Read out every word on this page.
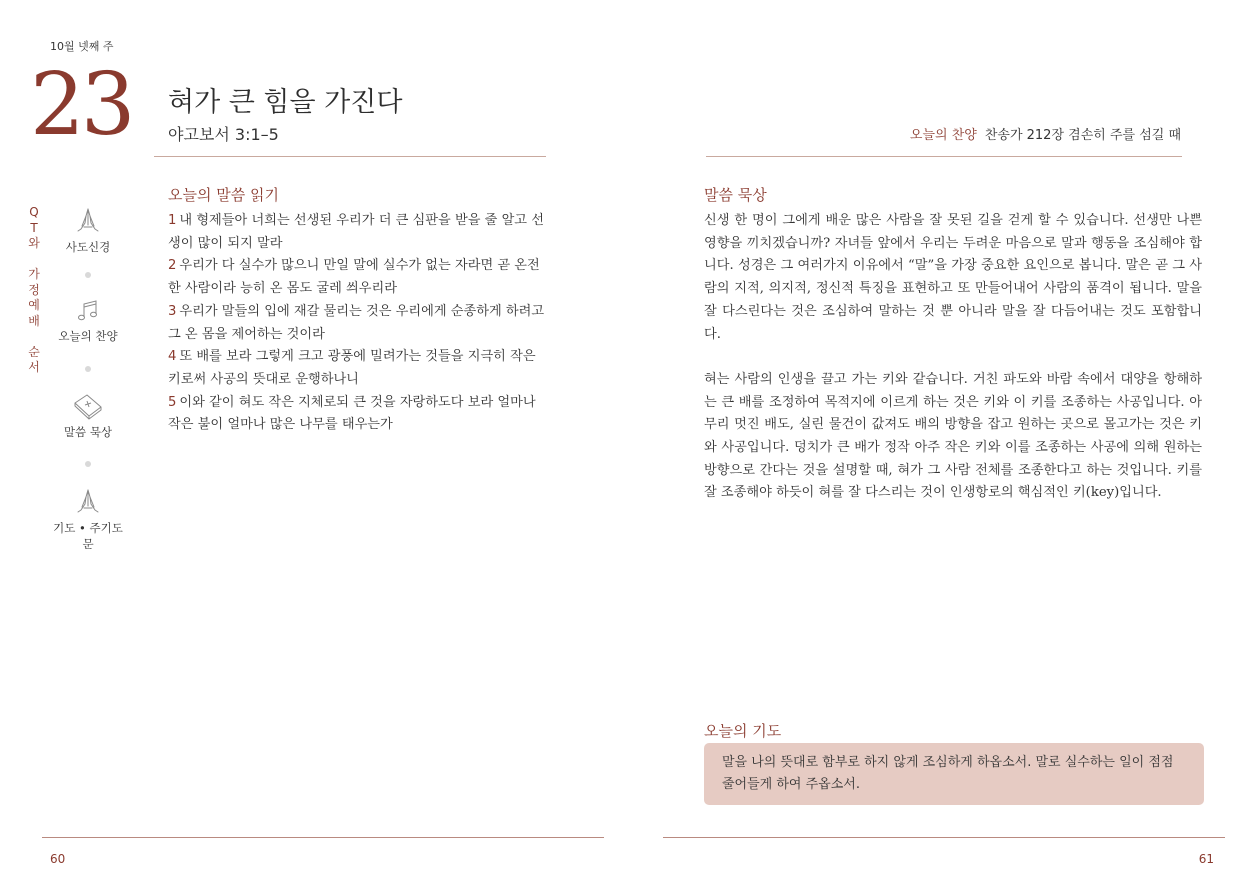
10월 넷째 주
23 혀가 큰 힘을 가진다
야고보서 3:1–5
Q
T
와

가
정
예
배

순
서
사도신경
오늘의 찬양
말씀 묵상
기도 • 주기도문
오늘의 말씀 읽기
1 내 형제들아 너희는 선생된 우리가 더 큰 심판을 받을 줄 알고 선생이 많이 되지 말라
2 우리가 다 실수가 많으니 만일 말에 실수가 없는 자라면 곧 온전한 사람이라 능히 온 몸도 굴레 씌우리라
3 우리가 말들의 입에 재갈 물리는 것은 우리에게 순종하게 하려고 그 온 몸을 제어하는 것이라
4 또 배를 보라 그렇게 크고 광풍에 밀려가는 것들을 지극히 작은 키로써 사공의 뜻대로 운행하나니
5 이와 같이 혀도 작은 지체로되 큰 것을 자랑하도다 보라 얼마나 작은 불이 얼마나 많은 나무를 태우는가
60
오늘의 찬양 찬송가 212장 겸손히 주를 섬길 때
말씀 묵상

신생 한 명이 그에게 배운 많은 사람을 잘 못된 길을 걷게 할 수 있습니다. 선생만 나쁜 영향을 끼치겠습니까? 자녀들 앞에서 우리는 두려운 마음으로 말과 행동을 조심해야 합니다. 성경은 그 여러가지 이유에서 “말”을 가장 중요한 요인으로 봅니다. 말은 곧 그 사람의 지적, 의지적, 정신적 특징을 표현하고 또 만들어내어 사람의 품격이 됩니다. 말을 잘 다스린다는 것은 조심하여 말하는 것 뿐 아니라 말을 잘 다듬어내는 것도 포함합니다.

혀는 사람의 인생을 끌고 가는 키와 같습니다. 거친 파도와 바람 속에서 대양을 항해하는 큰 배를 조정하여 목적지에 이르게 하는 것은 키와 이 키를 조종하는 사공입니다. 아무리 멋진 배도, 실린 물건이 값져도 배의 방향을 잡고 원하는 곳으로 몰고가는 것은 키와 사공입니다. 덩치가 큰 배가 정작 아주 작은 키와 이를 조종하는 사공에 의해 원하는 방향으로 간다는 것을 설명할 때, 혀가 그 사람 전체를 조종한다고 하는 것입니다. 키를 잘 조종해야 하듯이 혀를 잘 다스리는 것이 인생항로의 핵심적인 키(key)입니다.

오늘의 기도
말을 나의 뜻대로 함부로 하지 않게 조심하게 하옵소서. 말로 실수하는 일이 점점 줄어들게 하여 주옵소서.
61
